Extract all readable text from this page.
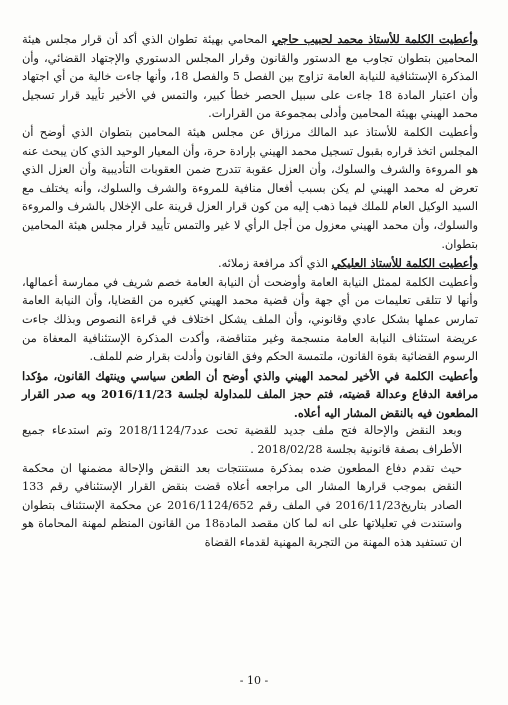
وأعطيت الكلمة للأستاذ محمد لحبيب حاجي المحامي بهيئة تطوان الذي أكد أن قرار مجلس هيئة المحامين بتطوان تجاوب مع الدستور والقانون وقرار المجلس الدستوري والإجتهاد القضائي، وأن المذكرة الإستئنافية للنيابة العامة تزاوج بين الفصل 5 والفصل 18، وأنها جاءت خالية من أي اجتهاد وأن اعتبار المادة 18 جاءت على سبيل الحصر خطأ كبير، والتمس في الأخير تأييد قرار تسجيل محمد الهيني بهيئة المحامين وأدلى بمجموعة من القرارات.

وأعطيت الكلمة للأستاذ عبد المالك مرزاق عن مجلس هيئة المحامين بتطوان الذي أوضح أن المجلس اتخذ قراره بقبول تسجيل محمد الهيني بإرادة حرة، وأن المعيار الوحيد الذي كان يبحث عنه هو المروءة والشرف والسلوك، وأن العزل عقوبة تتدرج ضمن العقوبات التأديبية وأن العزل الذي تعرض له محمد الهيني لم يكن بسبب أفعال منافية للمروءة والشرف والسلوك، وأنه يختلف مع السيد الوكيل العام للملك فيما ذهب إليه من كون قرار العزل قرينة على الإخلال بالشرف والمروءة والسلوك، وأن محمد الهيني معزول من أجل الرأي لا غير والتمس تأييد قرار مجلس هيئة المحامين بتطوان.

وأعطيت الكلمة للأستاذ العليكي الذي أكد مرافعة زملائه.

وأعطيت الكلمة لممثل النيابة العامة وأوضحت أن النيابة العامة خصم شريف في ممارسة أعمالها، وأنها لا تتلقى تعليمات من أي جهة وأن قضية محمد الهيني كغيره من القضايا، وأن النيابة العامة تمارس عملها بشكل عادي وقانوني، وأن الملف يشكل اختلاف في قراءة النصوص وبذلك جاءت عريضة استئناف النيابة العامة منسجمة وغير متناقضة، وأكدت المذكرة الإستئنافية المعفاة من الرسوم القضائية بقوة القانون، ملتمسة الحكم وفق القانون وأدلت بقرار ضم للملف.

وأعطيت الكلمة في الأخير لمحمد الهيني والذي أوضح أن الطعن سياسي وينتهك القانون، مؤكدا مرافعة الدفاع وعدالة قضيته، فتم حجز الملف للمداولة لجلسة 2016/11/23 وبه صدر القرار المطعون فيه بالنقض المشار اليه أعلاه.

وبعد النقض والإحالة فتح ملف جديد للقضية تحت عدد2018/1124/7 وتم استدعاء جميع الأطراف بصفة قانونية بجلسة 2018/02/28 .

حيث تقدم دفاع المطعون ضده بمذكرة مستنتجات بعد النقض والإحالة مضمنها ان محكمة النقض بموجب قرارها المشار الى مراجعه أعلاه قضت بنقض القرار الإستئنافي رقم 133 الصادر بتاريخ2016/11/23 في الملف رقم 2016/1124/652 عن محكمة الإستئناف بتطوان واستندت في تعليلاتها على انه لما كان مقصد المادة18 من القانون المنظم لمهنة المحاماة هو ان تستفيد هذه المهنة من التجربة المهنية لقدماء القضاة

- 10 -
